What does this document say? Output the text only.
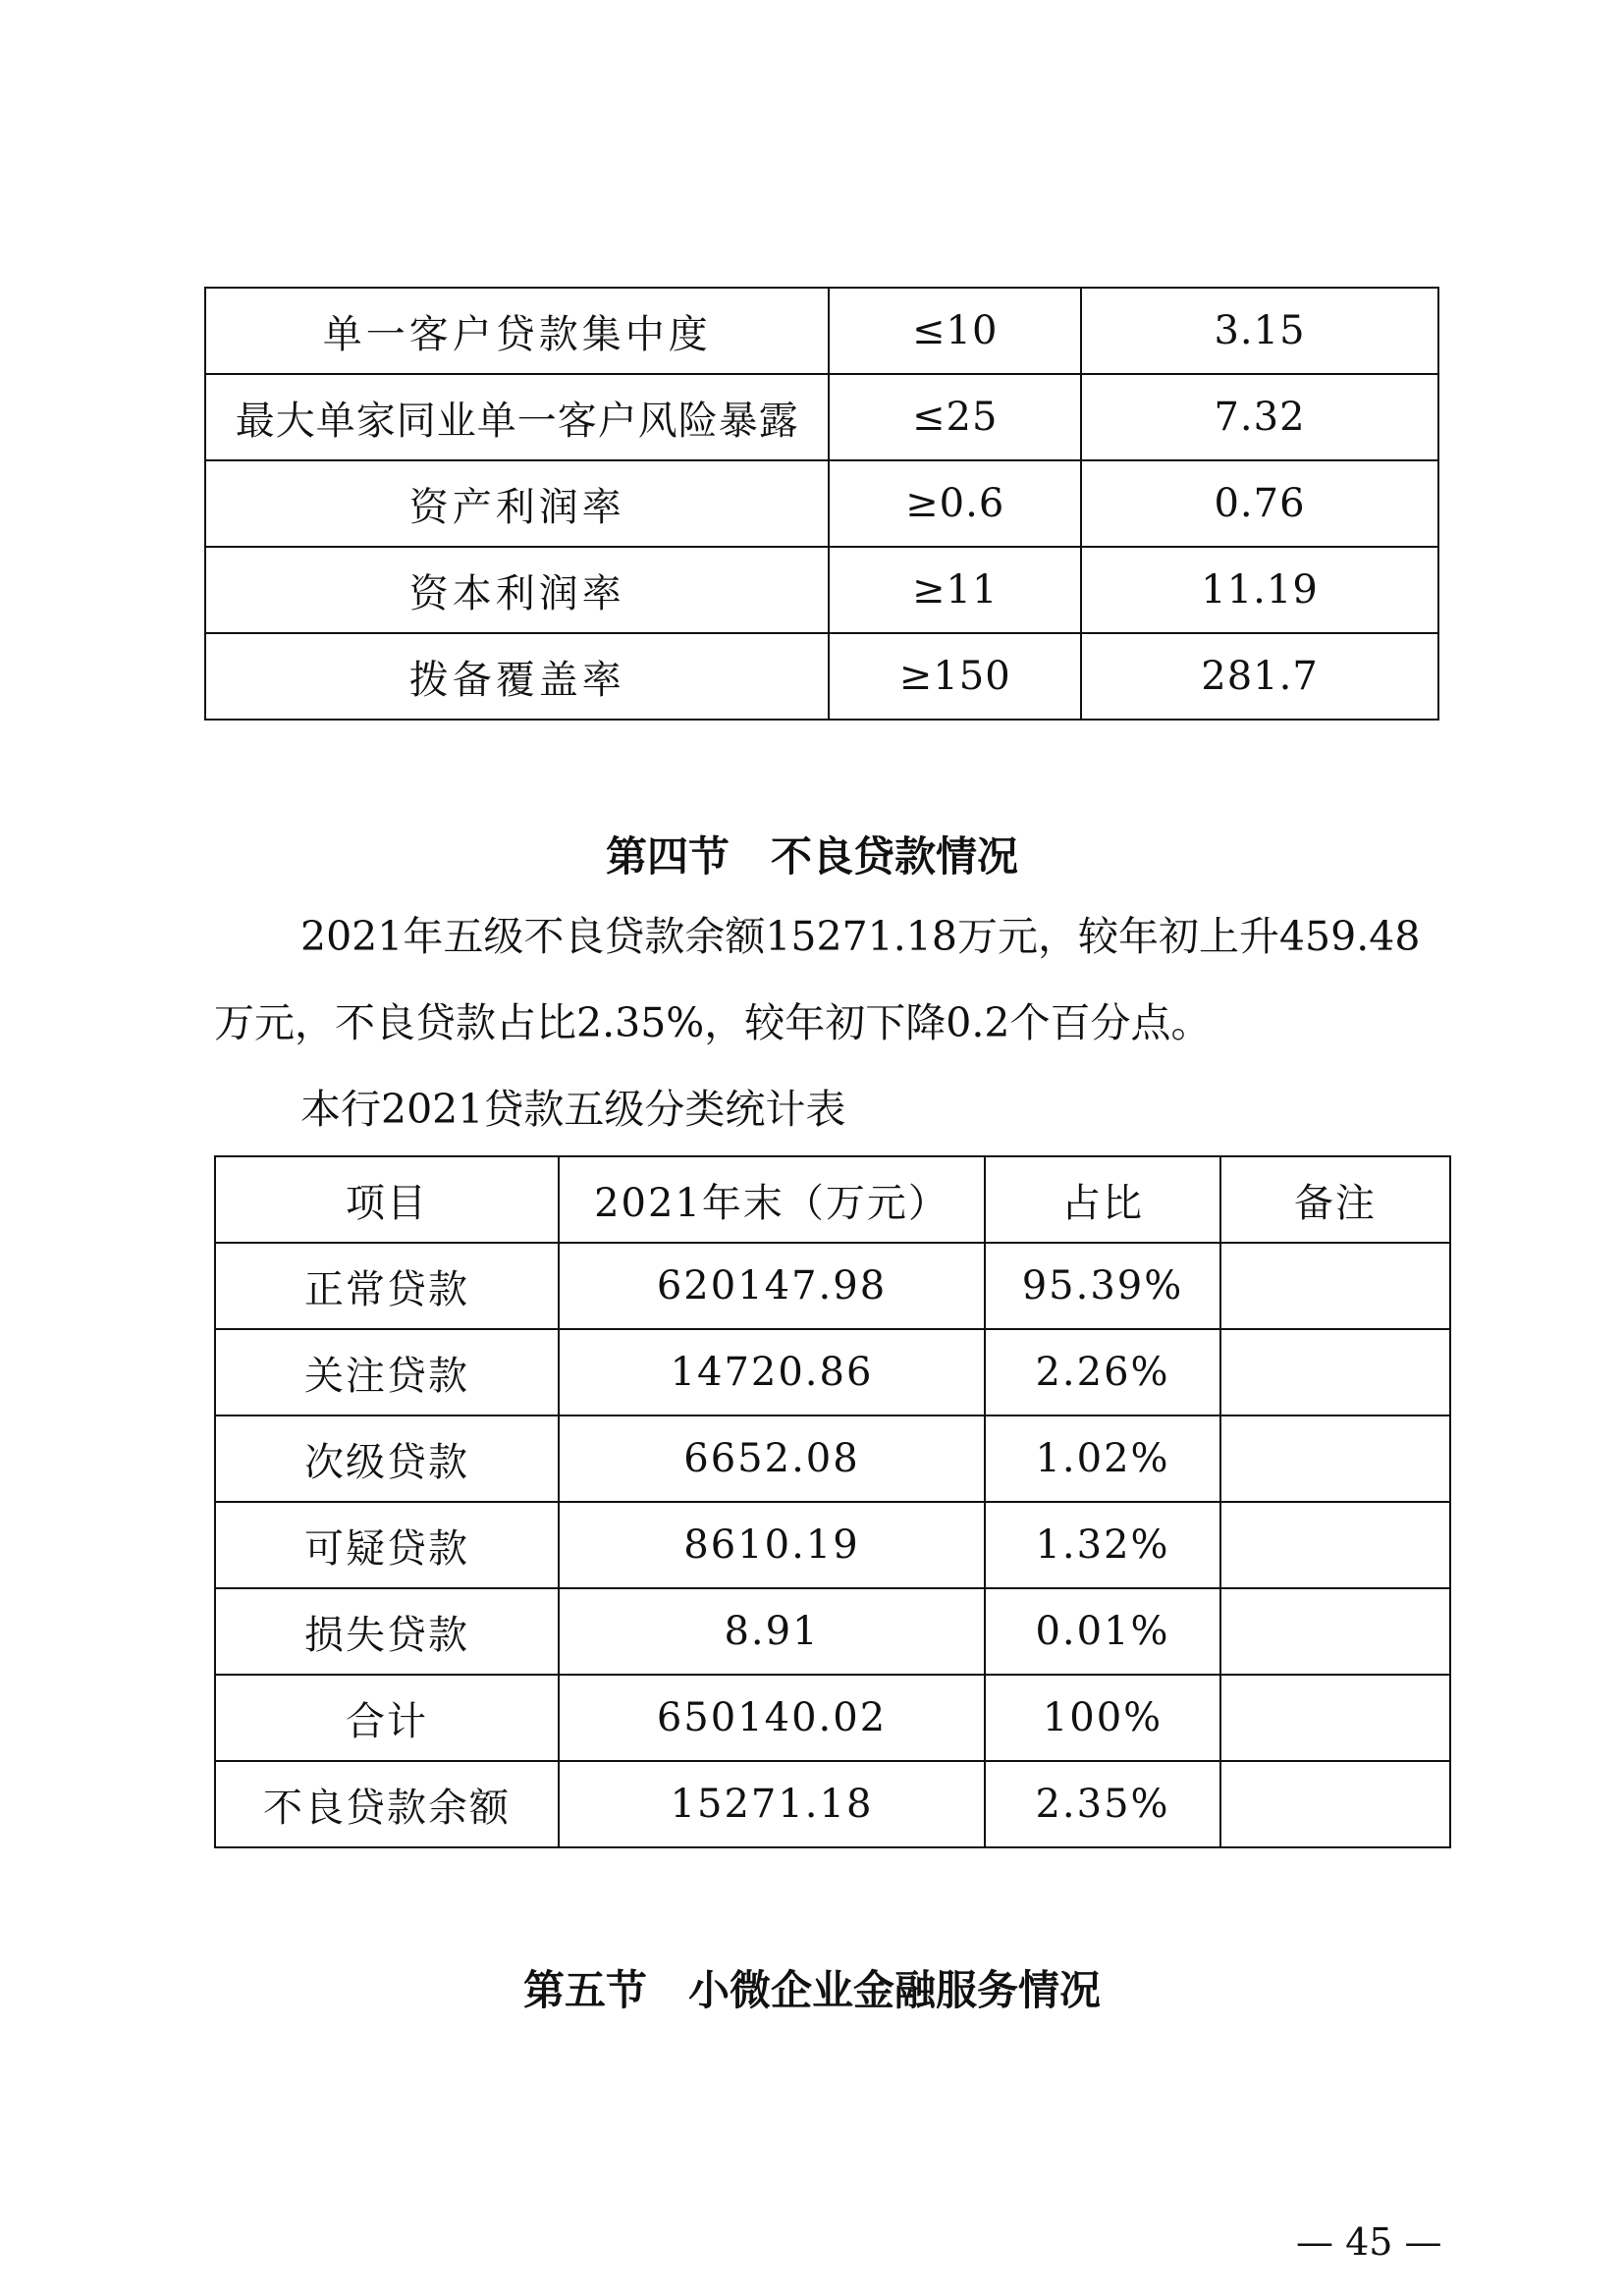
单一客户贷款集中度	≤10	3.15
最大单家同业单一客户风险暴露	≤25	7.32
资产利润率	≥0.6	0.76
资本利润率	≥11	11.19
拨备覆盖率	≥150	281.7
第四节　不良贷款情况
2021年五级不良贷款余额15271.18万元，较年初上升459.48
万元，不良贷款占比2.35%，较年初下降0.2个百分点。
本行2021贷款五级分类统计表
项目	2021年末（万元）	占比	备注
正常贷款	620147.98	95.39%	
关注贷款	14720.86	2.26%	
次级贷款	6652.08	1.02%	
可疑贷款	8610.19	1.32%	
损失贷款	8.91	0.01%	
合计	650140.02	100%	
不良贷款余额	15271.18	2.35%	
第五节　小微企业金融服务情况
— 45 —
